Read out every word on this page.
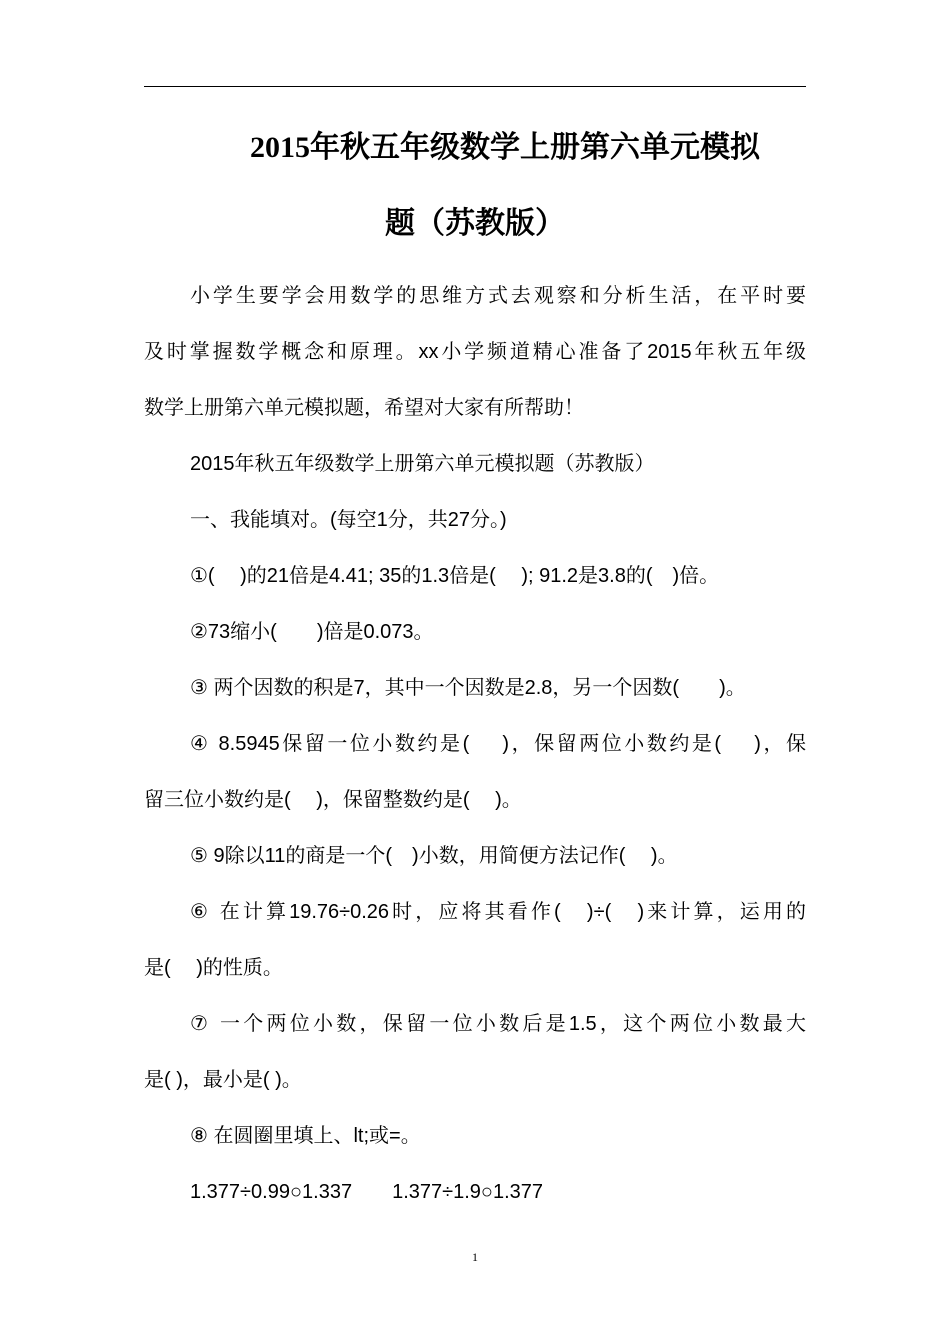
2015年秋五年级数学上册第六单元模拟
题（苏教版）
小学生要学会用数学的思维方式去观察和分析生活，在平时要
及时掌握数学概念和原理。xx小学频道精心准备了2015年秋五年级
数学上册第六单元模拟题，希望对大家有所帮助！
2015年秋五年级数学上册第六单元模拟题（苏教版）
一、我能填对。(每空1分，共27分。)
①(　 )的21倍是4.41; 35的1.3倍是(　 ); 91.2是3.8的(　)倍。
②73缩小(　　)倍是0.073。
③ 两个因数的积是7，其中一个因数是2.8，另一个因数(　　)。
④ 8.5945保留一位小数约是(　 )，保留两位小数约是(　 )，保
留三位小数约是(　 )，保留整数约是(　 )。
⑤ 9除以11的商是一个(　)小数，用简便方法记作(　 )。
⑥ 在计算19.76÷0.26时，应将其看作(　)÷(　)来计算，运用的
是(　 )的性质。
⑦ 一个两位小数，保留一位小数后是1.5，这个两位小数最大
是( )，最小是( )。
⑧ 在圆圈里填上、lt;或=。
1.377÷0.99○1.337　　1.377÷1.9○1.377
1
